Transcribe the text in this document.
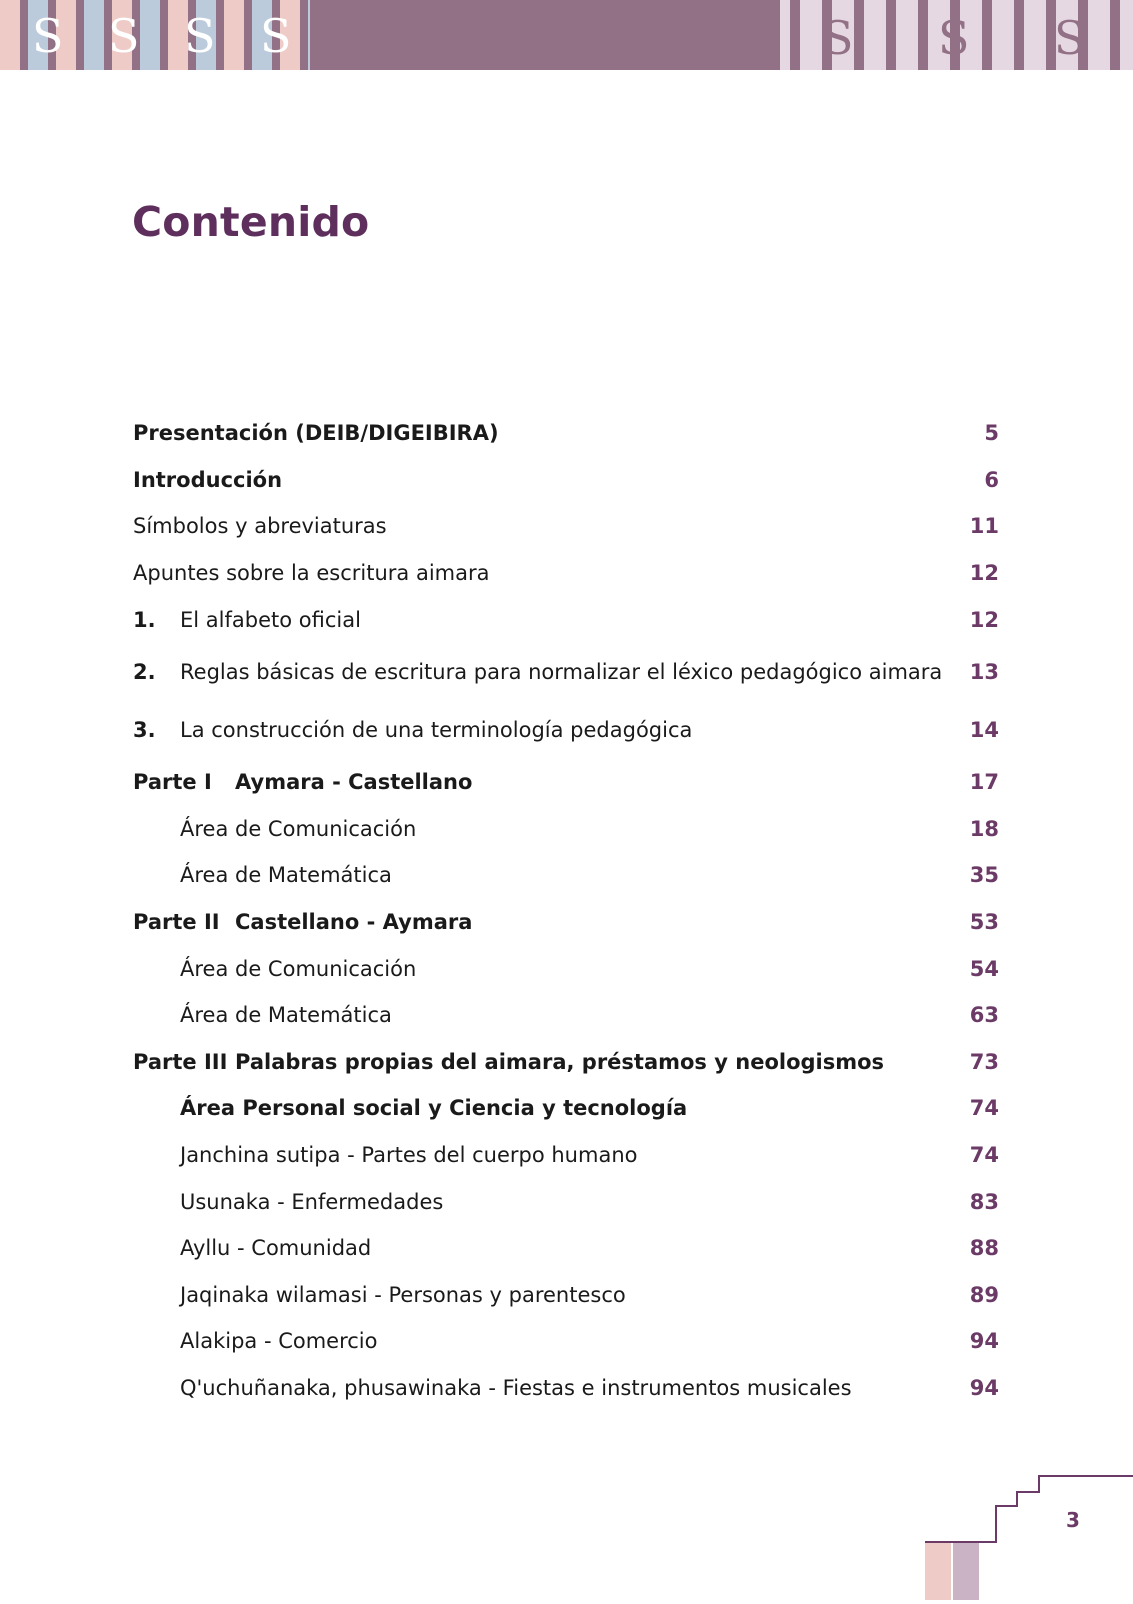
S S S S	S S S
Contenido
Presentación (DEIB/DIGEIBIRA)	5
Introducción	6
Símbolos y abreviaturas	11
Apuntes sobre la escritura aimara	12
1.	El alfabeto oficial	12
2.	Reglas básicas de escritura para normalizar el léxico pedagógico aimara	13
3.	La construcción de una terminología pedagógica	14
Parte I	Aymara - Castellano	17
Área de Comunicación	18
Área de Matemática	35
Parte II Castellano - Aymara	53
Área de Comunicación	54
Área de Matemática	63
Parte III Palabras propias del aimara, préstamos y neologismos	73
Área Personal social y Ciencia y tecnología	74
Janchina sutipa - Partes del cuerpo humano	74
Usunaka - Enfermedades	83
Ayllu - Comunidad	88
Jaqinaka wilamasi - Personas y parentesco	89
Alakipa - Comercio	94
Q'uchuñanaka, phusawinaka - Fiestas e instrumentos musicales	94
3
